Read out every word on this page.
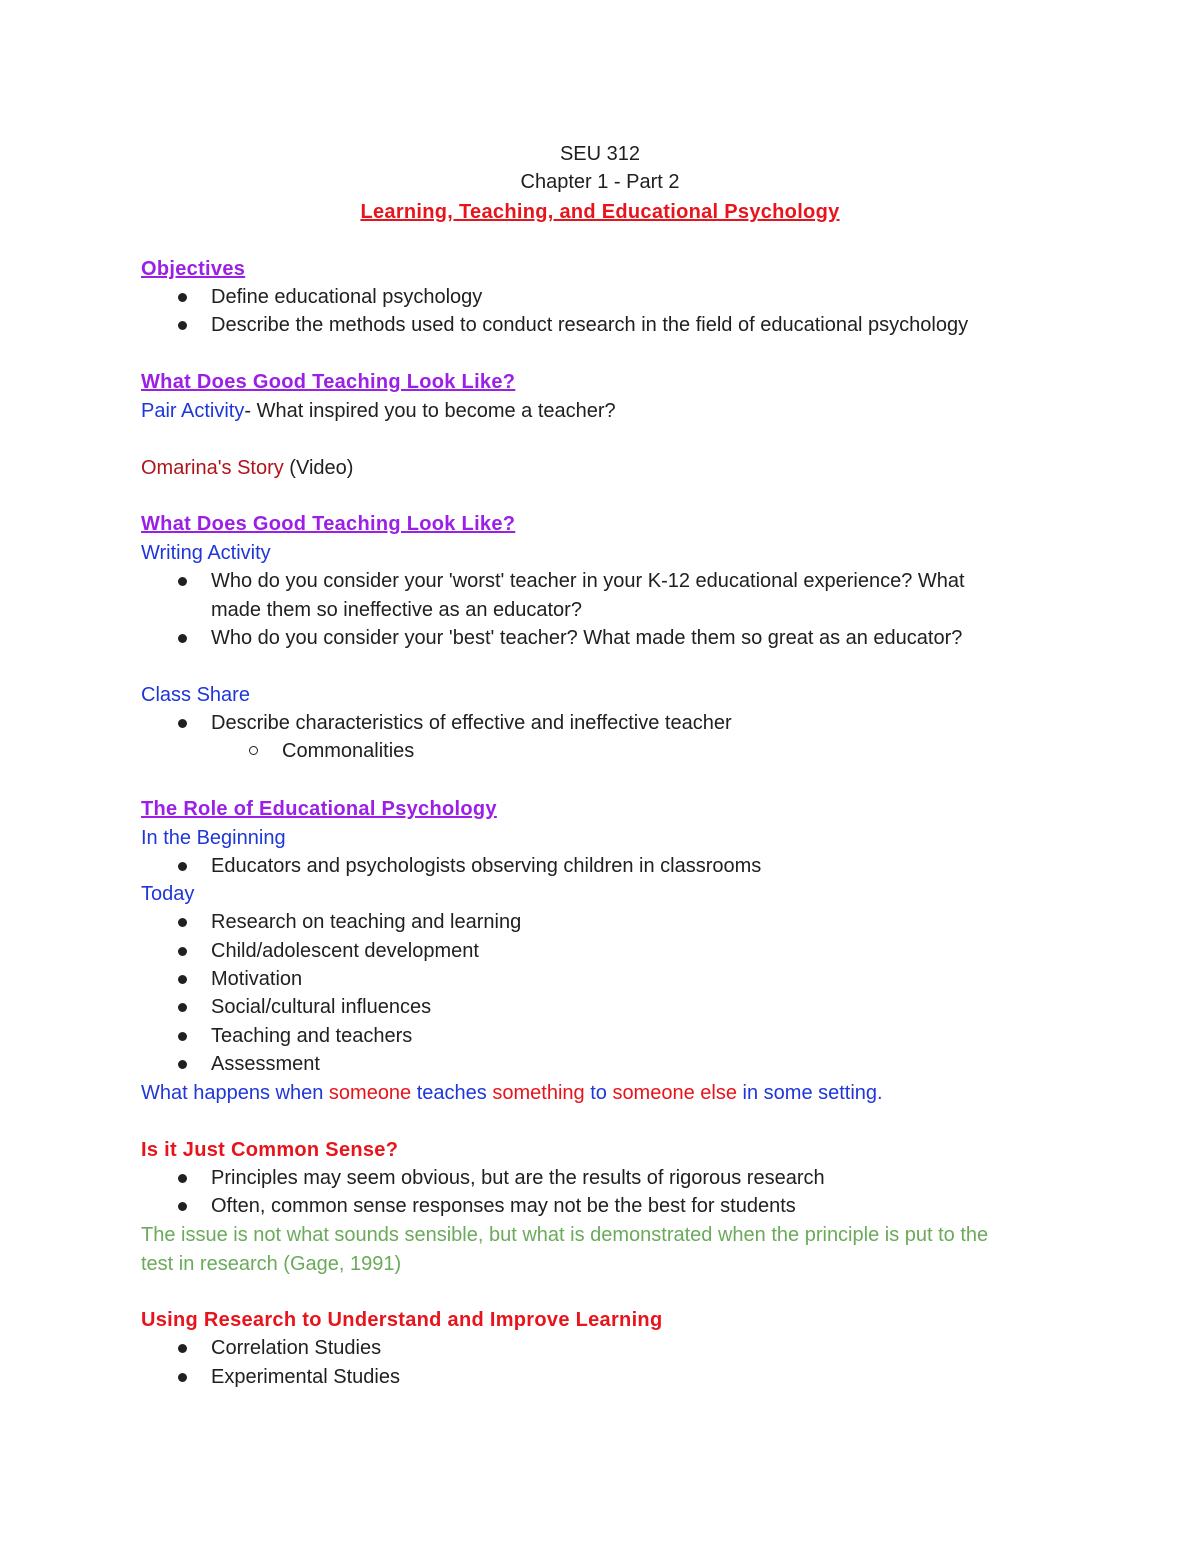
SEU 312
Chapter 1 - Part 2
Learning, Teaching, and Educational Psychology
Objectives
Define educational psychology
Describe the methods used to conduct research in the field of educational psychology
What Does Good Teaching Look Like?
Pair Activity- What inspired you to become a teacher?
Omarina's Story (Video)
What Does Good Teaching Look Like?
Writing Activity
Who do you consider your 'worst' teacher in your K-12 educational experience? What
made them so ineffective as an educator?
Who do you consider your 'best' teacher? What made them so great as an educator?
Class Share
Describe characteristics of effective and ineffective teacher
Commonalities
The Role of Educational Psychology
In the Beginning
Educators and psychologists observing children in classrooms
Today
Research on teaching and learning
Child/adolescent development
Motivation
Social/cultural influences
Teaching and teachers
Assessment
What happens when someone teaches something to someone else in some setting.
Is it Just Common Sense?
Principles may seem obvious, but are the results of rigorous research
Often, common sense responses may not be the best for students
The issue is not what sounds sensible, but what is demonstrated when the principle is put to the
test in research (Gage, 1991)
Using Research to Understand and Improve Learning
Correlation Studies
Experimental Studies
